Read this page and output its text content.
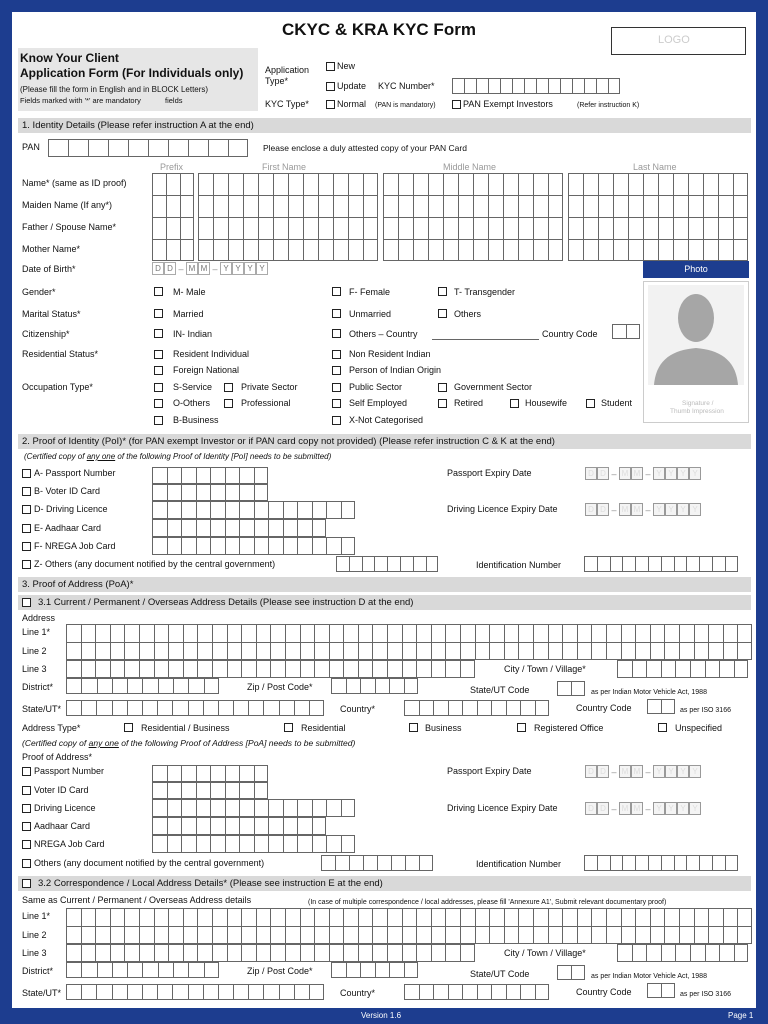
CKYC & KRA KYC Form
LOGO
Know Your Client
Application Form (For Individuals only)
(Please fill the form in English and in BLOCK Letters)
Fields marked with '*' are mandatory	fields
Application Type*
New
Update KYC Number*
KYC Type*	Normal (PAN is mandatory)	PAN Exempt Investors	(Refer instruction K)
1. Identity Details (Please refer instruction A at the end)
PAN	Please enclose a duly attested copy of your PAN Card
Prefix	First Name	Middle Name	Last Name
Name* (same as ID proof)
Maiden Name (If any*)
Father / Spouse Name*
Mother Name*
Date of Birth*	D D – M M – Y Y Y Y	Photo
Signature /
Thumb Impression
Gender*	M- Male	F- Female	T- Transgender
Marital Status*	Married	Unmarried	Others
Citizenship*	IN- Indian	Others – Country	Country Code
Residential Status*	Resident Individual	Non Resident Indian
Foreign National	Person of Indian Origin
Occupation Type*	S-Service	Private Sector	Public Sector	Government Sector
O-Others	Professional	Self Employed	Retired	Housewife	Student
B-Business	X-Not Categorised
2. Proof of Identity (PoI)* (for PAN exempt Investor or if PAN card copy not provided) (Please refer instruction C & K at the end)
(Certified copy of any one of the following Proof of Identity [PoI] needs to be submitted)
A- Passport Number
B- Voter ID Card
D- Driving Licence
E- Aadhaar Card
F- NREGA Job Card
Z- Others (any document notified by the central government)
Passport Expiry Date	D D – M M – Y Y Y Y
Driving Licence Expiry Date	D D – M M – Y Y Y Y
Identification Number
3. Proof of Address (PoA)*
3.1 Current / Permanent / Overseas Address Details (Please see instruction D at the end)
Address
Line 1*
Line 2
Line 3	City / Town / Village*
District*	Zip / Post Code*	State/UT Code	as per Indian Motor Vehicle Act, 1988
State/UT*	Country*	Country Code	as per ISO 3166
Address Type*	Residential / Business	Residential	Business	Registered Office	Unspecified
(Certified copy of any one of the following Proof of Address [PoA] needs to be submitted)
Proof of Address*
Passport Number
Voter ID Card
Driving Licence
Aadhaar Card
NREGA Job Card
Others (any document notified by the central government)
Passport Expiry Date	D D – M M – Y Y Y Y
Driving Licence Expiry Date	D D – M M – Y Y Y Y
Identification Number
3.2 Correspondence / Local Address Details* (Please see instruction E at the end)
Same as Current / Permanent / Overseas Address details	(In case of multiple correspondence / local addresses, please fill 'Annexure A1', Submit relevant documentary proof)
Line 1*
Line 2
Line 3	City / Town / Village*
District*	Zip / Post Code*	State/UT Code	as per Indian Motor Vehicle Act, 1988
State/UT*	Country*	Country Code	as per ISO 3166
Version 1.6	Page 1
